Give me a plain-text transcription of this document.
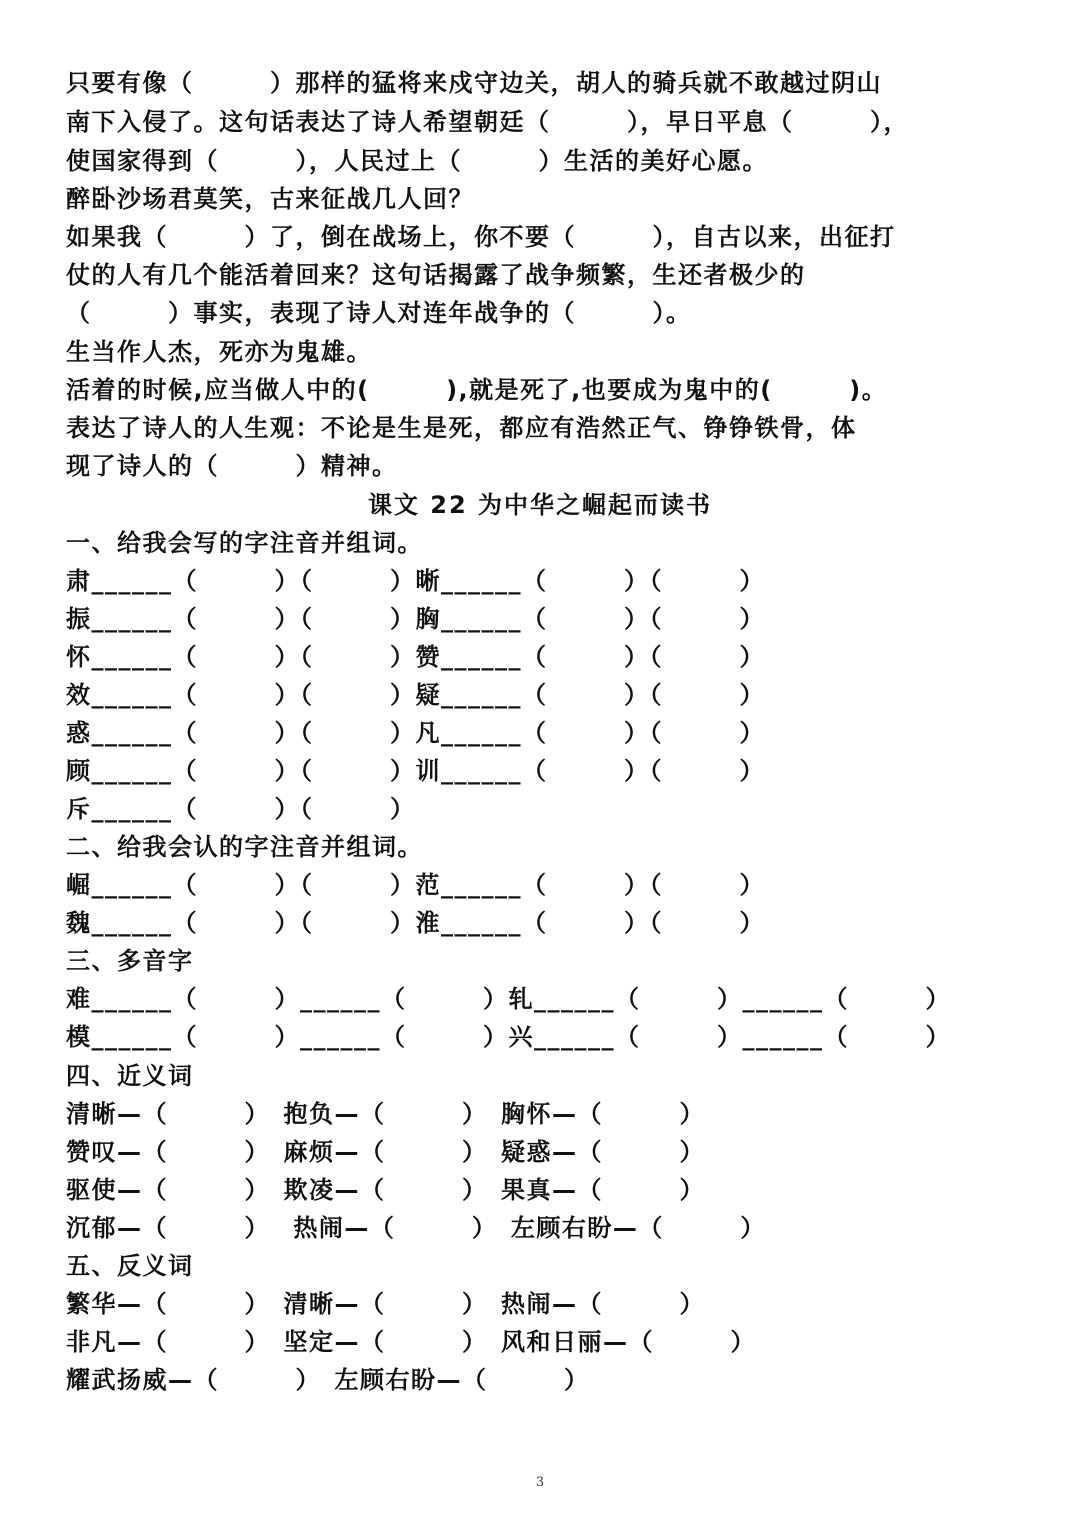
只要有像（　　　）那样的猛将来戍守边关，胡人的骑兵就不敢越过阴山
南下入侵了。这句话表达了诗人希望朝廷（　　　），早日平息（　　　），
使国家得到（　　　），人民过上（　　　）生活的美好心愿。
醉卧沙场君莫笑，古来征战几人回？
如果我（　　　）了，倒在战场上，你不要（　　　），自古以来，出征打
仗的人有几个能活着回来？这句话揭露了战争频繁，生还者极少的
（　　　）事实，表现了诗人对连年战争的（　　　）。
生当作人杰，死亦为鬼雄。
活着的时候,应当做人中的(　　　),就是死了,也要成为鬼中的(　　　)。
表达了诗人的人生观：不论是生是死，都应有浩然正气、铮铮铁骨，体
现了诗人的（　　　）精神。
课文 22 为中华之崛起而读书
一、给我会写的字注音并组词。
肃______（　　　）（　　　）晰______（　　　）（　　　）
振______（　　　）（　　　）胸______（　　　）（　　　）
怀______（　　　）（　　　）赞______（　　　）（　　　）
效______（　　　）（　　　）疑______（　　　）（　　　）
惑______（　　　）（　　　）凡______（　　　）（　　　）
顾______（　　　）（　　　）训______（　　　）（　　　）
斥______（　　　）（　　　）
二、给我会认的字注音并组词。
崛______（　　　）（　　　）范______（　　　）（　　　）
魏______（　　　）（　　　）淮______（　　　）（　　　）
三、多音字
难______（　　　）______（　　　）轧______（　　　）______（　　　）
模______（　　　）______（　　　）兴______（　　　）______（　　　）
四、近义词
清晰—（　　　）　抱负—（　　　）　胸怀—（　　　）
赞叹—（　　　）　麻烦—（　　　）　疑惑—（　　　）
驱使—（　　　）　欺凌—（　　　）　果真—（　　　）
沉郁—（　　　）　 热闹—（　　　）　左顾右盼—（　　　）
五、反义词
繁华—（　　　）　清晰—（　　　）　热闹—（　　　）
非凡—（　　　）　坚定—（　　　）　风和日丽—（　　　）
耀武扬威—（　　　）　左顾右盼—（　　　）
3
